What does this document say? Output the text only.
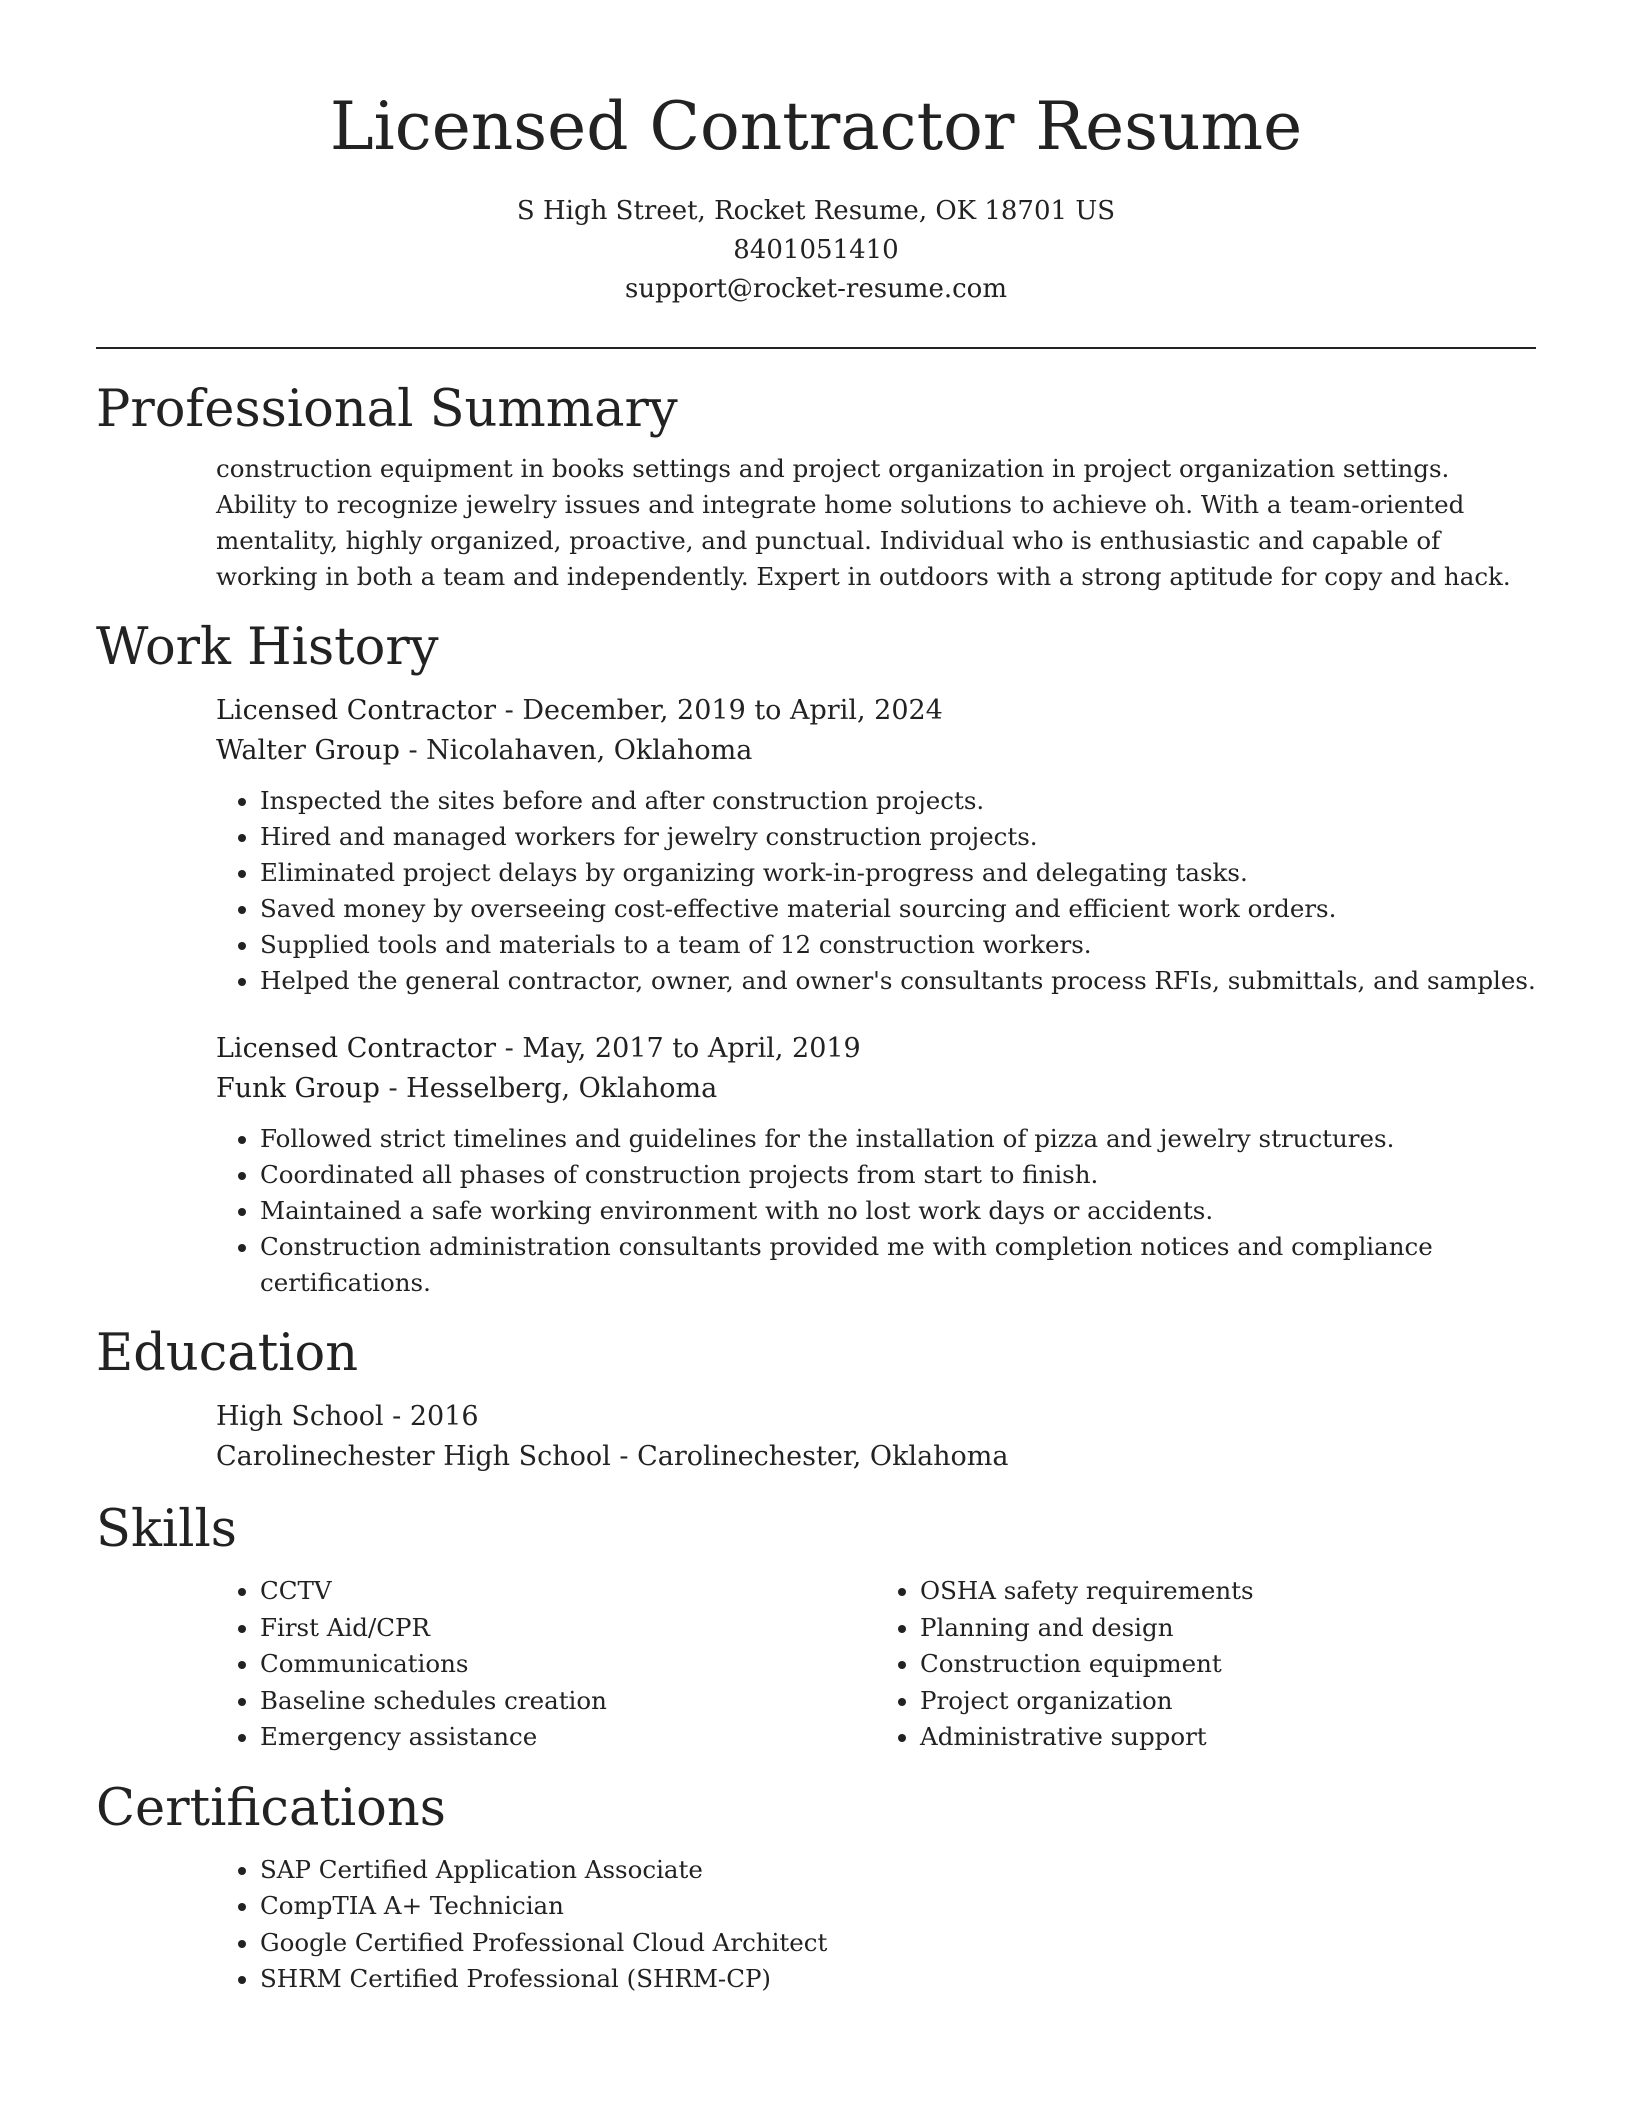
Licensed Contractor Resume
S High Street, Rocket Resume, OK 18701 US
8401051410
support@rocket-resume.com
Professional Summary

construction equipment in books settings and project organization in project organization settings. Ability to recognize jewelry issues and integrate home solutions to achieve oh. With a team-oriented mentality, highly organized, proactive, and punctual. Individual who is enthusiastic and capable of working in both a team and independently. Expert in outdoors with a strong aptitude for copy and hack.

Work History
Licensed Contractor - December, 2019 to April, 2024
Walter Group - Nicolahaven, Oklahoma
• Inspected the sites before and after construction projects.
• Hired and managed workers for jewelry construction projects.
• Eliminated project delays by organizing work-in-progress and delegating tasks.
• Saved money by overseeing cost-effective material sourcing and efficient work orders.
• Supplied tools and materials to a team of 12 construction workers.
• Helped the general contractor, owner, and owner's consultants process RFIs, submittals, and samples.
Licensed Contractor - May, 2017 to April, 2019
Funk Group - Hesselberg, Oklahoma
• Followed strict timelines and guidelines for the installation of pizza and jewelry structures.
• Coordinated all phases of construction projects from start to finish.
• Maintained a safe working environment with no lost work days or accidents.
• Construction administration consultants provided me with completion notices and compliance certifications.
Education
High School - 2016
Carolinechester High School - Carolinechester, Oklahoma
Skills
• CCTV
• First Aid/CPR
• Communications
• Baseline schedules creation
• Emergency assistance
• OSHA safety requirements
• Planning and design
• Construction equipment
• Project organization
• Administrative support
Certifications
• SAP Certified Application Associate
• CompTIA A+ Technician
• Google Certified Professional Cloud Architect
• SHRM Certified Professional (SHRM-CP)
